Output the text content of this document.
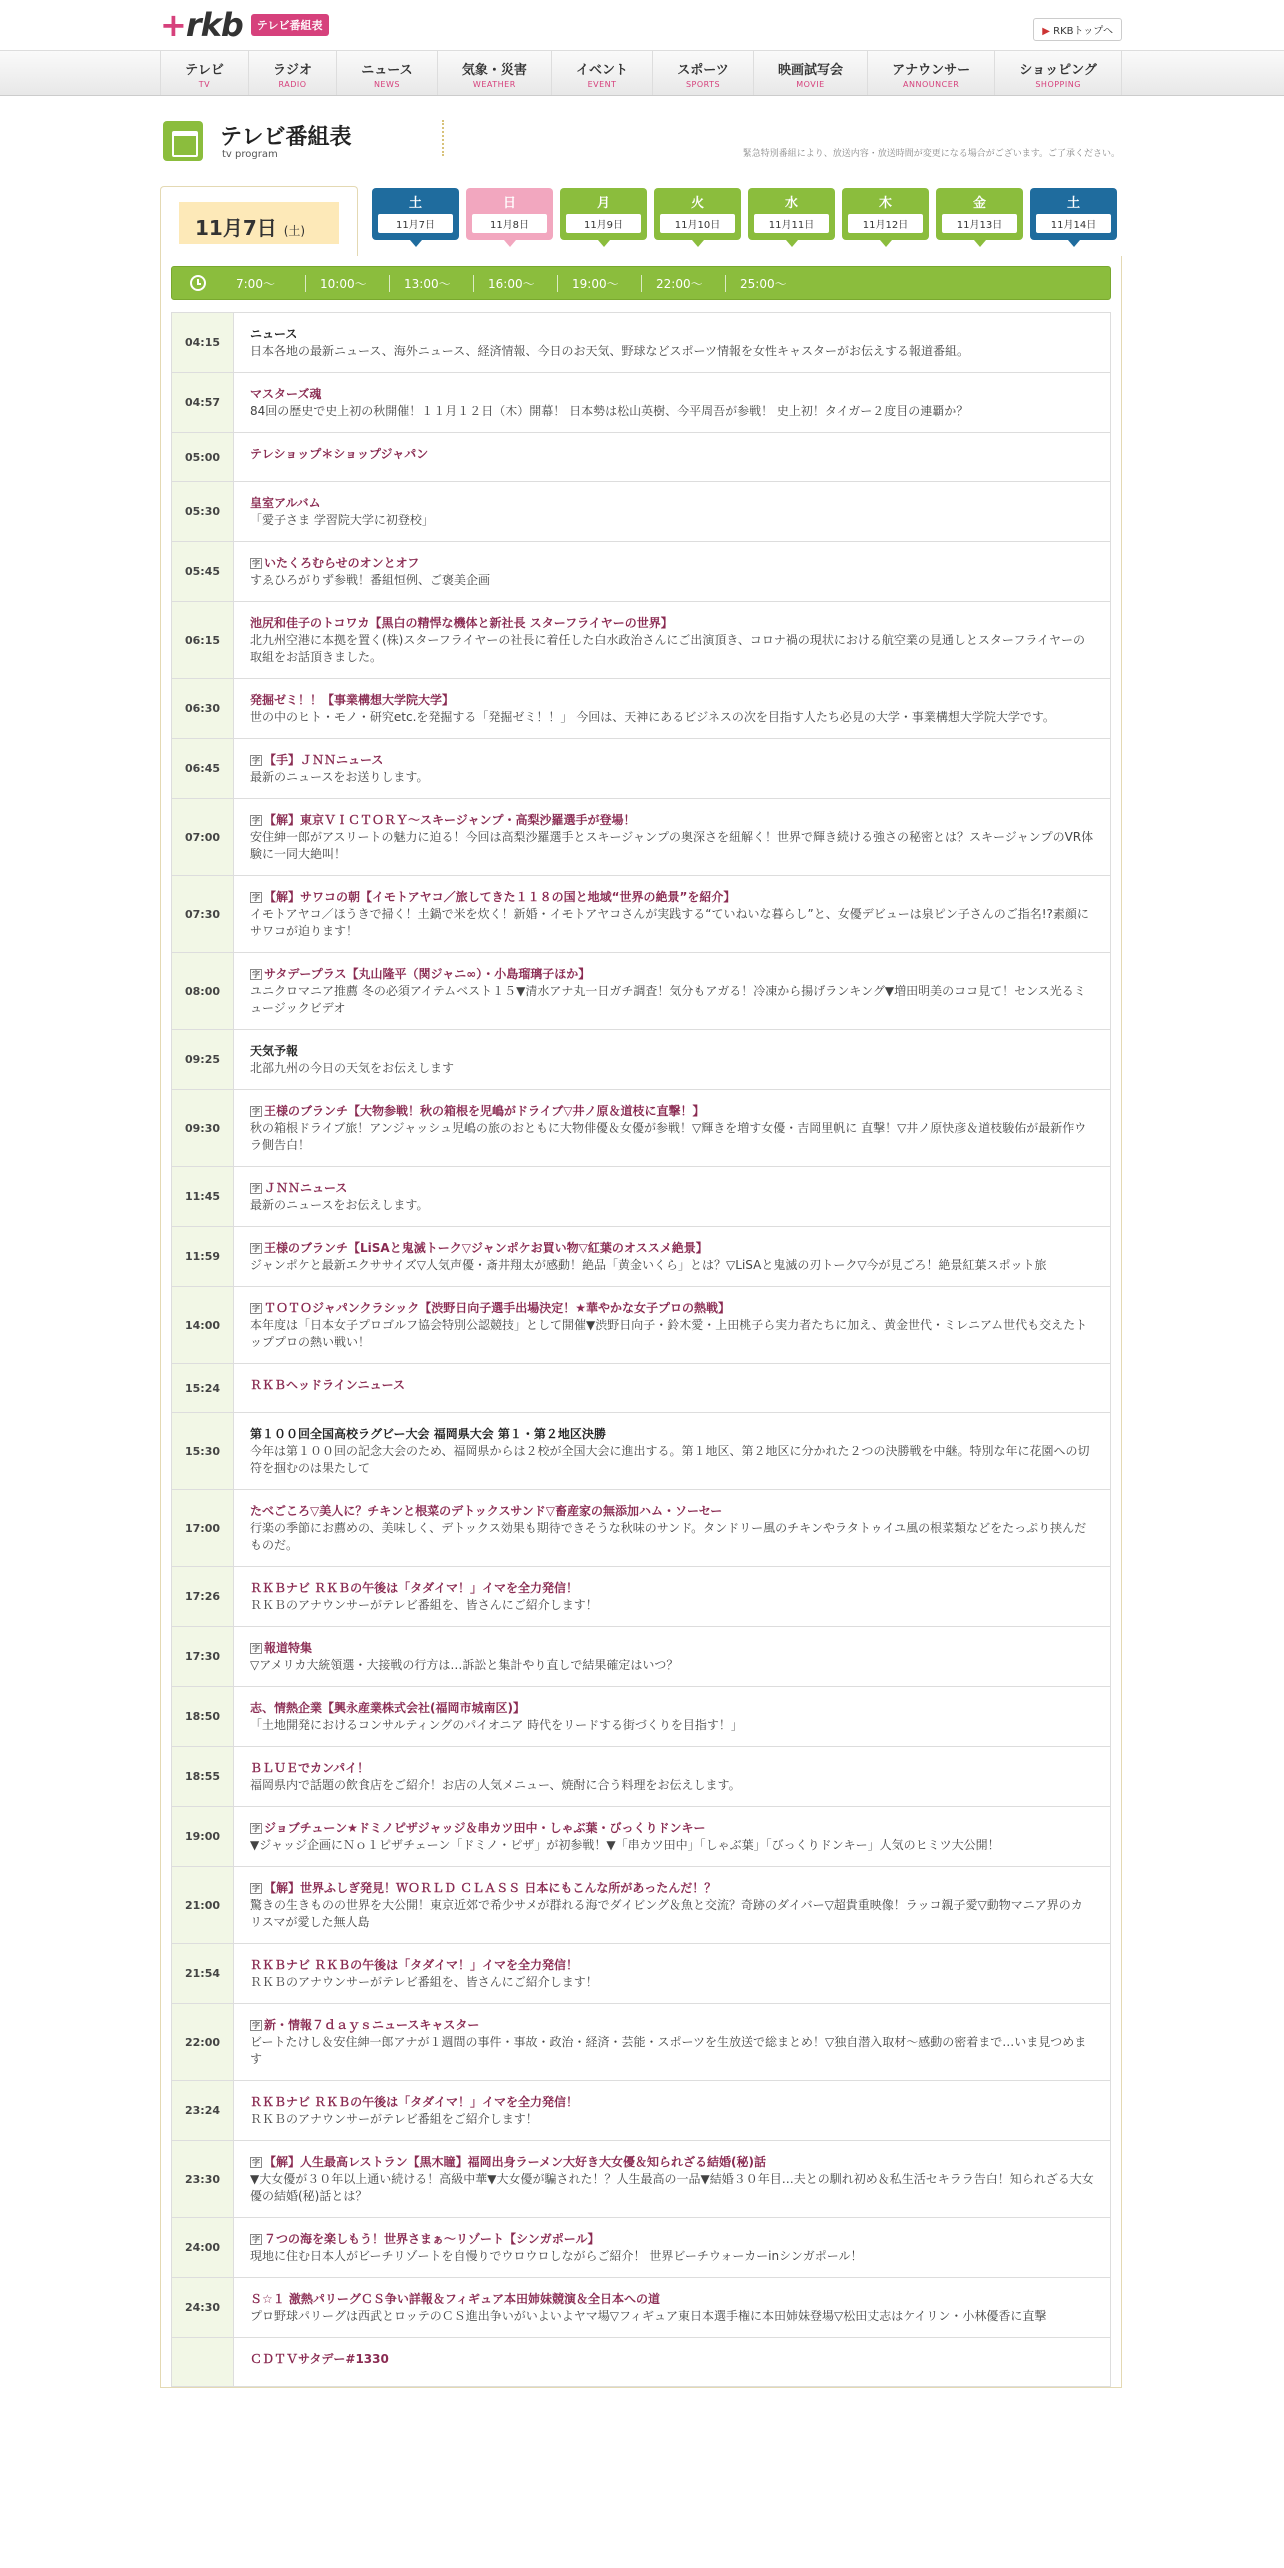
+rkb	テレビ番組表	▶ RKBトップへ
テレビ
TV
ラジオ
RADIO
ニュース
NEWS
気象・災害
WEATHER
イベント
EVENT
スポーツ
SPORTS
映画試写会
MOVIE
アナウンサー
ANNOUNCER
ショッピング
SHOPPING
テレビ番組表
tv program	緊急特別番組により、放送内容・放送時間が変更になる場合がございます。ご了承ください。
11月7日 (土)
土
11月7日
日
11月8日
月
11月9日
火
11月10日
水
11月11日
木
11月12日
金
11月13日
土
11月14日
7:00～	10:00～	13:00～	16:00～	19:00～	22:00～	25:00～
04:15
ニュース
日本各地の最新ニュース、海外ニュース、経済情報、今日のお天気、野球などスポーツ情報を女性キャスターがお伝えする報道番組。
04:57
マスターズ魂
84回の歴史で史上初の秋開催！１１月１２日（木）開幕！ 日本勢は松山英樹、今平周吾が参戦！ 史上初！タイガー２度目の連覇か？
05:00	テレショップ＊ショップジャパン
05:30
皇室アルバム
「愛子さま 学習院大学に初登校」
05:45
字 いたくろむらせのオンとオフ
すゑひろがりず参戦！番組恒例、ご褒美企画
06:15
池尻和佳子のトコワカ【黒白の精悍な機体と新社長 スターフライヤーの世界】
北九州空港に本拠を置く(株)スターフライヤーの社長に着任した白水政治さんにご出演頂き、コロナ禍の現状における航空業の見通しとスターフライヤーの取組をお話頂きました。
06:30
発掘ゼミ！！【事業構想大学院大学】
世の中のヒト・モノ・研究etc.を発掘する「発掘ゼミ！！」 今回は、天神にあるビジネスの次を目指す人たち必見の大学・事業構想大学院大学です。
06:45
字 【手】ＪＮＮニュース
最新のニュースをお送りします。
07:00
字 【解】東京ＶＩＣＴＯＲＹ～スキージャンプ・高梨沙羅選手が登場！
安住紳一郎がアスリートの魅力に迫る！今回は高梨沙羅選手とスキージャンプの奥深さを紐解く！世界で輝き続ける強さの秘密とは？スキージャンプのVR体験に一同大絶叫！
07:30
字 【解】サワコの朝【イモトアヤコ／旅してきた１１８の国と地域“世界の絶景”を紹介】
イモトアヤコ／ほうきで掃く！土鍋で米を炊く！新婚・イモトアヤコさんが実践する“ていねいな暮らし”と、女優デビューは泉ピン子さんのご指名!?素顔にサワコが迫ります！
08:00
字 サタデープラス【丸山隆平（関ジャニ∞）・小島瑠璃子ほか】
ユニクロマニア推薦 冬の必須アイテムベスト１５▼清水アナ丸一日ガチ調査！気分もアガる！冷凍から揚げランキング▼増田明美のココ見て！センス光るミュージックビデオ
09:25
天気予報
北部九州の今日の天気をお伝えします
09:30
字 王様のブランチ【大物参戦！秋の箱根を児嶋がドライブ▽井ノ原＆道枝に直撃！】
秋の箱根ドライブ旅！アンジャッシュ児嶋の旅のおともに大物俳優＆女優が参戦！▽輝きを増す女優・吉岡里帆に 直撃！▽井ノ原快彦＆道枝駿佑が最新作ウラ側告白！
11:45
字 ＪＮＮニュース
最新のニュースをお伝えします。
11:59
字 王様のブランチ【LiSAと鬼滅トーク▽ジャンポケお買い物▽紅葉のオススメ絶景】
ジャンポケと最新エクササイズ▽人気声優・斎井翔太が感動！絶品「黄金いくら」とは？▽LiSAと鬼滅の刃トーク▽今が見ごろ！絶景紅葉スポット旅
14:00
字 ＴＯＴＯジャパンクラシック【渋野日向子選手出場決定！★華やかな女子プロの熱戦】
本年度は「日本女子プロゴルフ協会特別公認競技」として開催▼渋野日向子・鈴木愛・上田桃子ら実力者たちに加え、黄金世代・ミレニアム世代も交えたトッププロの熱い戦い！
15:24	ＲＫＢヘッドラインニュース
15:30
第１００回全国高校ラグビー大会 福岡県大会 第１・第２地区決勝
今年は第１００回の記念大会のため、福岡県からは２校が全国大会に進出する。第１地区、第２地区に分かれた２つの決勝戦を中継。特別な年に花園への切符を掴むのは果たして
17:00
たべごころ▽美人に？チキンと根菜のデトックスサンド▽畜産家の無添加ハム・ソーセー
行楽の季節にお薦めの、美味しく、デトックス効果も期待できそうな秋味のサンド。タンドリー風のチキンやラタトゥイユ風の根菜類などをたっぷり挟んだものだ。
17:26
ＲＫＢナビ ＲＫＢの午後は「タダイマ！」イマを全力発信！
ＲＫＢのアナウンサーがテレビ番組を、皆さんにご紹介します！
17:30
字 報道特集
▽アメリカ大統領選・大接戦の行方は…訴訟と集計やり直しで結果確定はいつ？
18:50
志、情熱企業【興永産業株式会社(福岡市城南区)】
「土地開発におけるコンサルティングのパイオニア 時代をリードする街づくりを目指す！」
18:55
ＢＬＵＥでカンパイ！
福岡県内で話題の飲食店をご紹介！お店の人気メニュー、焼酎に合う料理をお伝えします。
19:00
字 ジョブチューン★ドミノピザジャッジ＆串カツ田中・しゃぶ葉・びっくりドンキー
▼ジャッジ企画にＮｏ１ピザチェーン「ドミノ・ピザ」が初参戦！▼「串カツ田中」「しゃぶ葉」「びっくりドンキー」人気のヒミツ大公開！
21:00
字 【解】世界ふしぎ発見！ＷＯＲＬＤ ＣＬＡＳＳ 日本にもこんな所があったんだ！？
驚きの生きものの世界を大公開！東京近郊で希少サメが群れる海でダイビング＆魚と交流？奇跡のダイバー▽超貴重映像！ラッコ親子愛▽動物マニア界のカリスマが愛した無人島
21:54
ＲＫＢナビ ＲＫＢの午後は「タダイマ！」イマを全力発信！
ＲＫＢのアナウンサーがテレビ番組を、皆さんにご紹介します！
22:00
字 新・情報７ｄａｙｓニュースキャスター
ビートたけし＆安住紳一郎アナが１週間の事件・事故・政治・経済・芸能・スポーツを生放送で総まとめ！▽独自潜入取材～感動の密着まで…いま見つめます
23:24
ＲＫＢナビ ＲＫＢの午後は「タダイマ！」イマを全力発信！
ＲＫＢのアナウンサーがテレビ番組をご紹介します！
23:30
字 【解】人生最高レストラン【黒木瞳】福岡出身ラーメン大好き大女優＆知られざる結婚(秘)話
▼大女優が３０年以上通い続ける！高級中華▼大女優が騙された！？人生最高の一品▼結婚３０年目…夫との馴れ初め＆私生活セキララ告白！知られざる大女優の結婚(秘)話とは？
24:00
字 ７つの海を楽しもう！世界さまぁ～リゾート【シンガポール】
現地に住む日本人がビーチリゾートを自慢りでウロウロしながらご紹介！ 世界ビーチウォーカーinシンガポール！
24:30
Ｓ☆１ 激熱パリーグＣＳ争い詳報＆フィギュア本田姉妹競演＆全日本への道
プロ野球パリーグは西武とロッテのＣＳ進出争いがいよいよヤマ場▽フィギュア東日本選手権に本田姉妹登場▽松田丈志はケイリン・小林優香に直撃
ＣＤＴＶサタデー#1330
